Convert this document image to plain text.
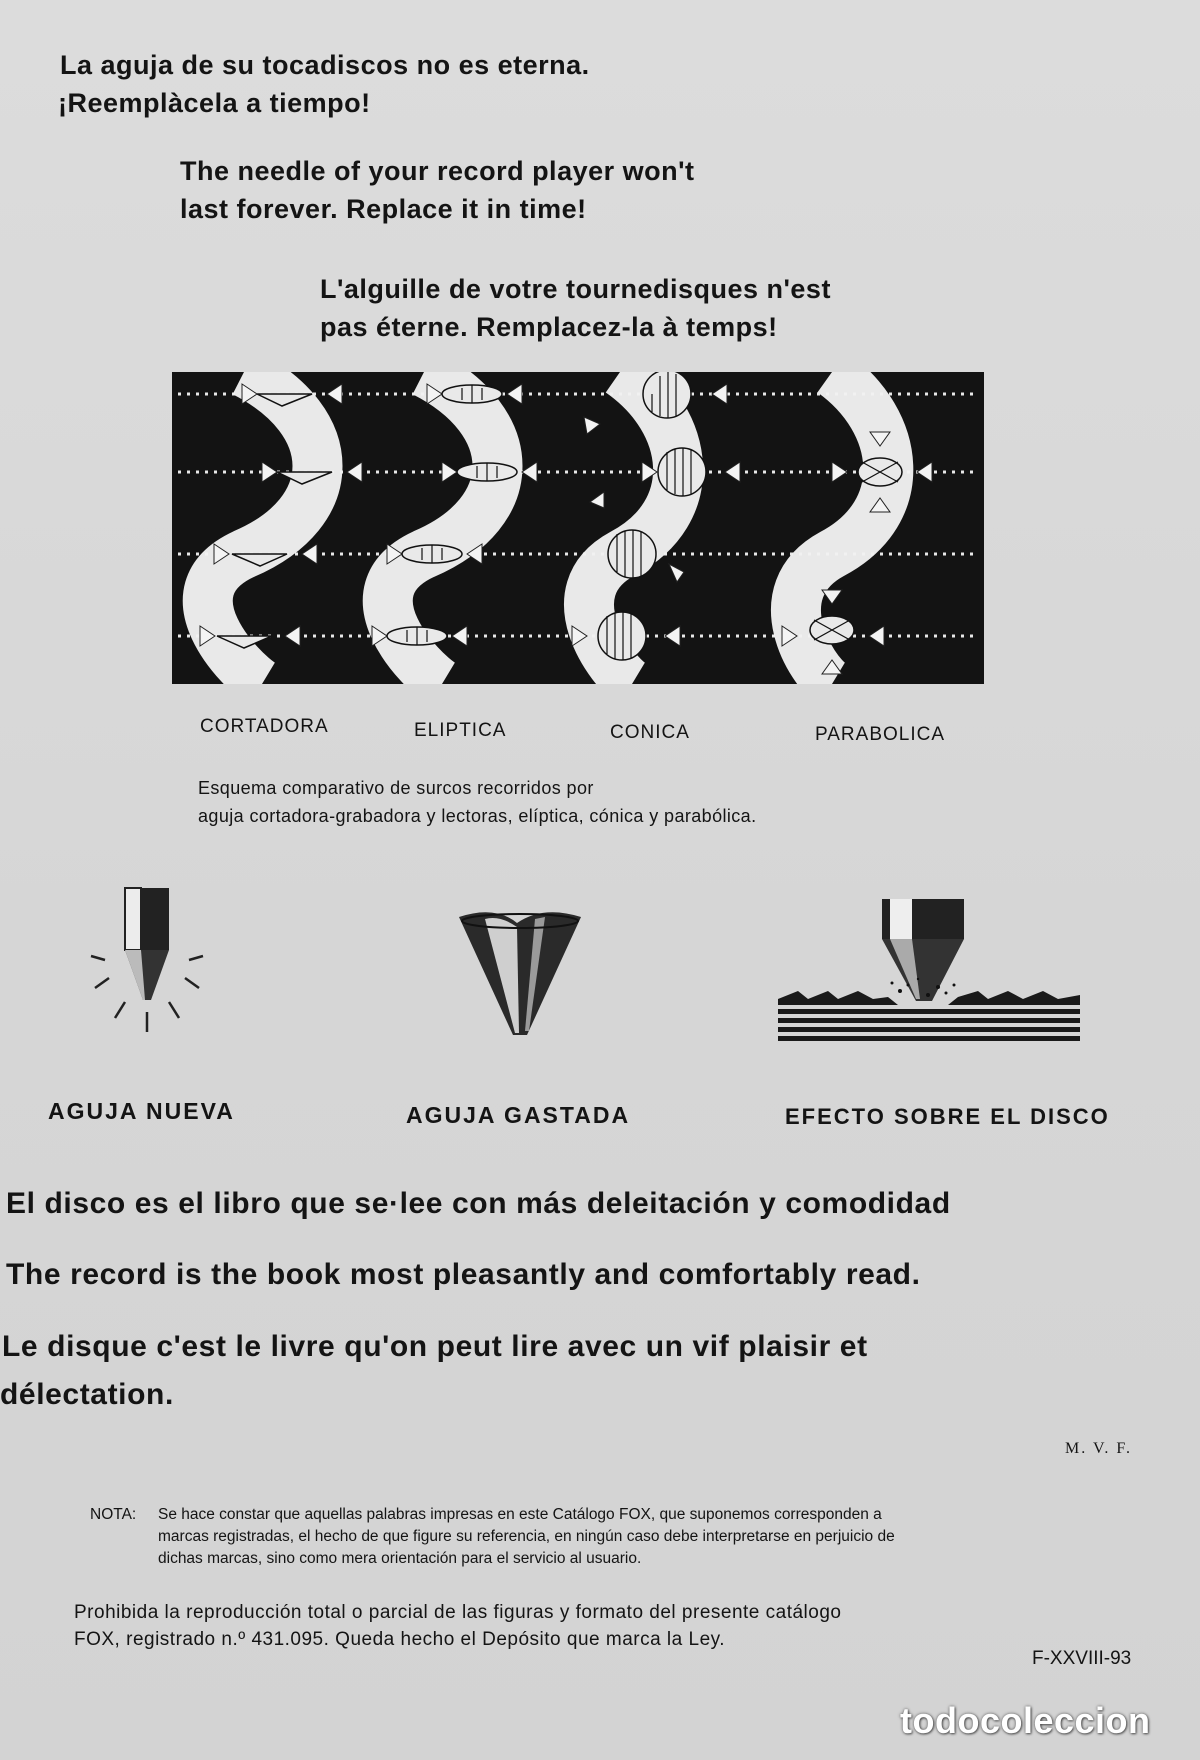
La aguja de su tocadiscos no es eterna.
¡Reemplàcela a tiempo!
The needle of your record player won't
last forever. Replace it in time!
L'alguille de votre tournedisques n'est
pas éterne. Remplacez-la à temps!
CORTADORA	ELIPTICA	CONICA	PARABOLICA
Esquema comparativo de surcos recorridos por
aguja cortadora-grabadora y lectoras, elíptica, cónica y parabólica.
AGUJA NUEVA	AGUJA GASTADA	EFECTO SOBRE EL DISCO
El disco es el libro que se·lee con más deleitación y comodidad
The record is the book most pleasantly and comfortably read.
Le disque c'est le livre qu'on peut lire avec un vif plaisir et
délectation.
M. V. F.
NOTA: Se hace constar que aquellas palabras impresas en este Catálogo FOX, que suponemos corresponden a
marcas registradas, el hecho de que figure su referencia, en ningún caso debe interpretarse en perjuicio de
dichas marcas, sino como mera orientación para el servicio al usuario.
Prohibida la reproducción total o parcial de las figuras y formato del presente catálogo
FOX, registrado n.º 431.095. Queda hecho el Depósito que marca la Ley.
F-XXVIII-93
todocoleccion
